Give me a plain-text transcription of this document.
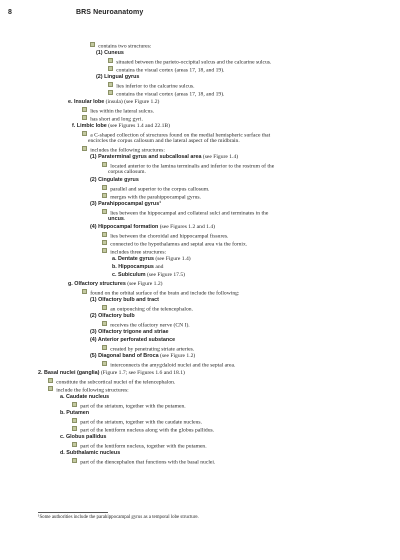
8	BRS Neuroanatomy
contains two structures:
(1) Cuneus
situated between the parieto-occipital sulcus and the calcarine sulcus.
contains the visual cortex (areas 17, 18, and 19).
(2) Lingual gyrus
lies inferior to the calcarine sulcus.
contains the visual cortex (areas 17, 18, and 19).
e. Insular lobe (insula) (see Figure 1.2)
lies within the lateral sulcus.
has short and long gyri.
f. Limbic lobe (see Figures 1.4 and 22.1B)
a C-shaped collection of structures found on the medial hemispheric surface that
encircles the corpus callosum and the lateral aspect of the midbrain.
includes the following structures:
(1) Paraterminal gyrus and subcallosal area (see Figure 1.4)
located anterior to the lamina terminalis and inferior to the rostrum of the
corpus callosum.
(2) Cingulate gyrus
parallel and superior to the corpus callosum.
merges with the parahippocampal gyrus.
(3) Parahippocampal gyrus¹
lies between the hippocampal and collateral sulci and terminates in the
uncus.
(4) Hippocampal formation (see Figures 1.2 and 1.4)
lies between the choroidal and hippocampal fissures.
connected to the hypothalamus and septal area via the fornix.
includes three structures:
a. Dentate gyrus (see Figure 1.4)
b. Hippocampus and
c. Subiculum (see Figure 17.5)
g. Olfactory structures (see Figure 1.2)
found on the orbital surface of the brain and include the following:
(1) Olfactory bulb and tract
an outpouching of the telencephalon.
(2) Olfactory bulb
receives the olfactory nerve (CN I).
(3) Olfactory trigone and striae
(4) Anterior perforated substance
created by penetrating striate arteries.
(5) Diagonal band of Broca (see Figure 1.2)
interconnects the amygdaloid nuclei and the septal area.
2. Basal nuclei (ganglia) (Figure 1.7; see Figures 1.6 and 18.1)
constitute the subcortical nuclei of the telencephalon.
include the following structures:
a. Caudate nucleus
part of the striatum, together with the putamen.
b. Putamen
part of the striatum, together with the caudate nucleus.
part of the lentiform nucleus along with the globus pallidus.
c. Globus pallidus
part of the lentiform nucleus, together with the putamen.
d. Subthalamic nucleus
part of the diencephalon that functions with the basal nuclei.
¹Some authorities include the parahippocampal gyrus as a temporal lobe structure.
